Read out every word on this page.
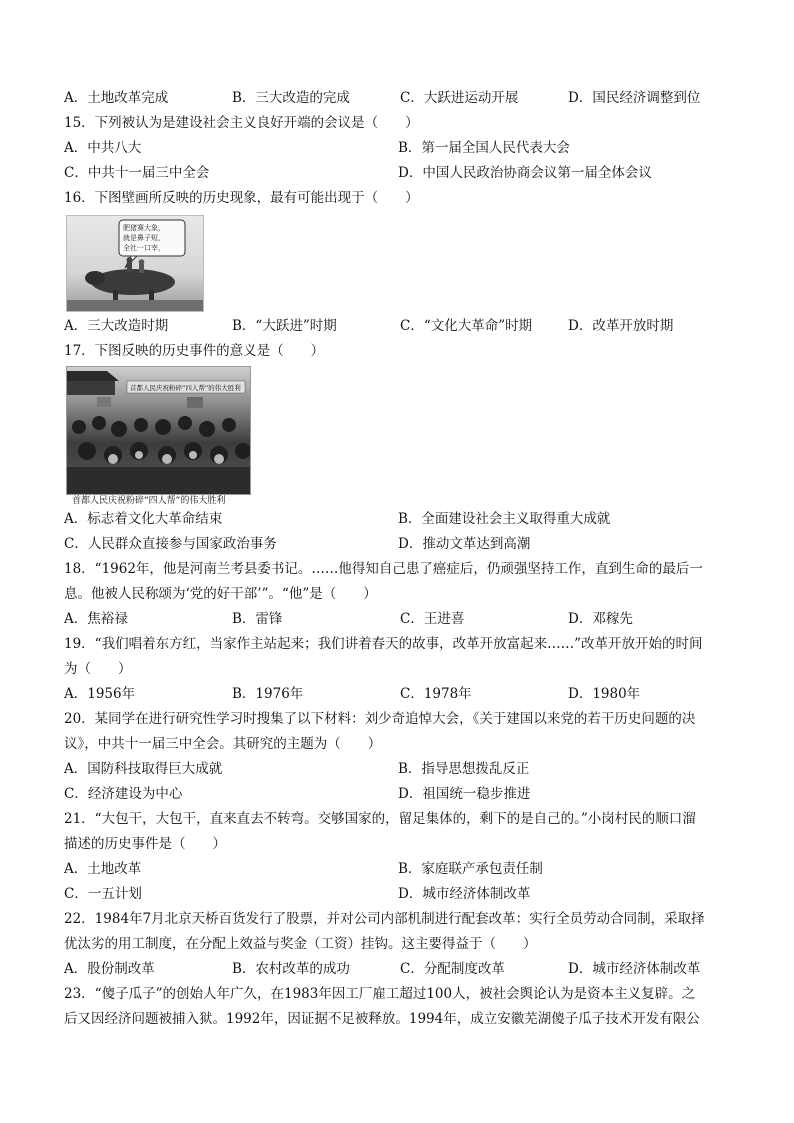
A．土地改革完成	B．三大改造的完成	C．大跃进运动开展	D．国民经济调整到位
15．下列被认为是建设社会主义良好开端的会议是（　　）
A．中共八大	B．第一届全国人民代表大会
C．中共十一届三中全会	D．中国人民政治协商会议第一届全体会议
16．下图壁画所反映的历史现象，最有可能出现于（　　）
肥猪赛大象，
就是鼻子短，
全社一口宰，
A．三大改造时期	B．“大跃进”时期	C．“文化大革命”时期	D．改革开放时期
17．下图反映的历史事件的意义是（　　）
首都人民庆祝粉碎“四人帮”的伟大胜利
首都人民庆祝粉碎“四人帮”的伟大胜利
A．标志着文化大革命结束	B．全面建设社会主义取得重大成就
C．人民群众直接参与国家政治事务	D．推动文革达到高潮
18．“1962年，他是河南兰考县委书记。……他得知自己患了癌症后，仍顽强坚持工作，直到生命的最后一
息。他被人民称颂为‘党的好干部’”。“他”是（　　）
A．焦裕禄	B．雷锋	C．王进喜	D．邓稼先
19．“我们唱着东方红，当家作主站起来；我们讲着春天的故事，改革开放富起来……”改革开放开始的时间
为（　　）
A．1956年	B．1976年	C．1978年	D．1980年
20．某同学在进行研究性学习时搜集了以下材料：刘少奇追悼大会，《关于建国以来党的若干历史问题的决
议》，中共十一届三中全会。其研究的主题为（　　）
A．国防科技取得巨大成就	B．指导思想拨乱反正
C．经济建设为中心	D．祖国统一稳步推进
21．“大包干，大包干，直来直去不转弯。交够国家的，留足集体的，剩下的是自己的。”小岗村民的顺口溜
描述的历史事件是（　　）
A．土地改革	B．家庭联产承包责任制
C．一五计划	D．城市经济体制改革
22．1984年7月北京天桥百货发行了股票，并对公司内部机制进行配套改革：实行全员劳动合同制，采取择
优汰劣的用工制度，在分配上效益与奖金（工资）挂钩。这主要得益于（　　）
A．股份制改革	B．农村改革的成功	C．分配制度改革	D．城市经济体制改革
23．“傻子瓜子”的创始人年广久，在1983年因工厂雇工超过100人，被社会舆论认为是资本主义复辟。之
后又因经济问题被捕入狱。1992年，因证据不足被释放。1994年，成立安徽芜湖傻子瓜子技术开发有限公
